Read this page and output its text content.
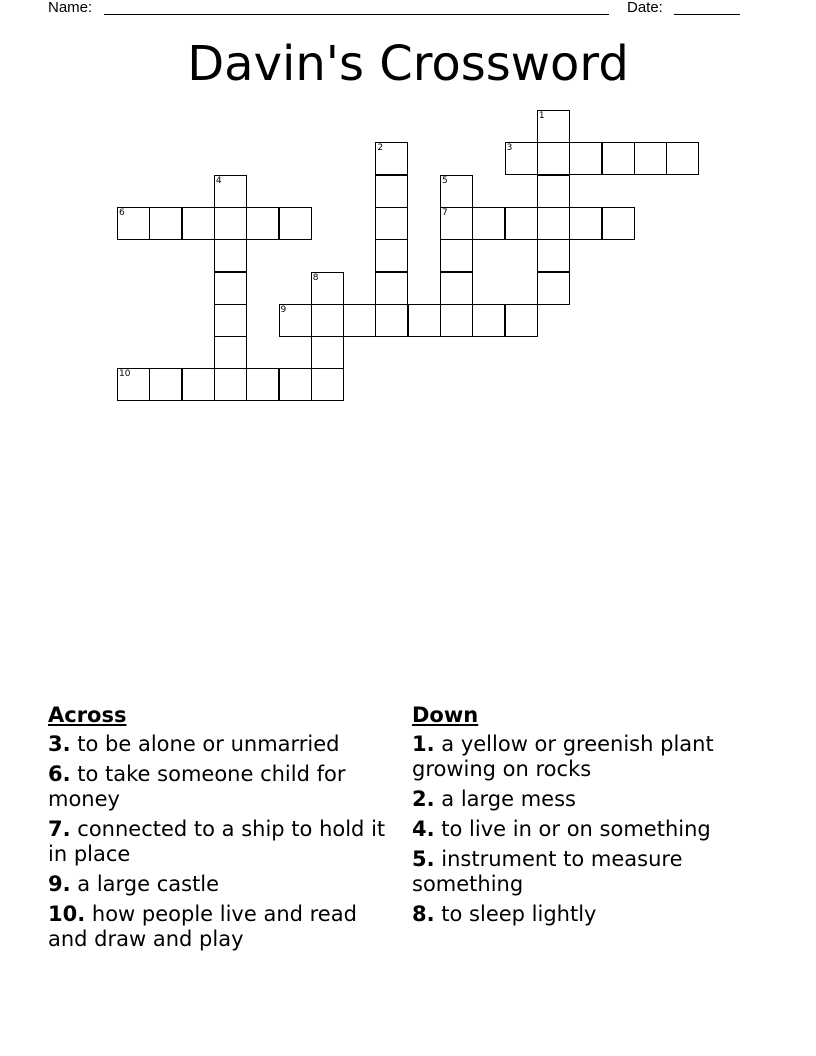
Name:	Date:
Davin's Crossword
1
2	3
4	5
6	7
8
9
10
Across
3. to be alone or unmarried
6. to take someone child for money
7. connected to a ship to hold it in place
9. a large castle
10. how people live and read and draw and play
Down
1. a yellow or greenish plant growing on rocks
2. a large mess
4. to live in or on something
5. instrument to measure something
8. to sleep lightly
